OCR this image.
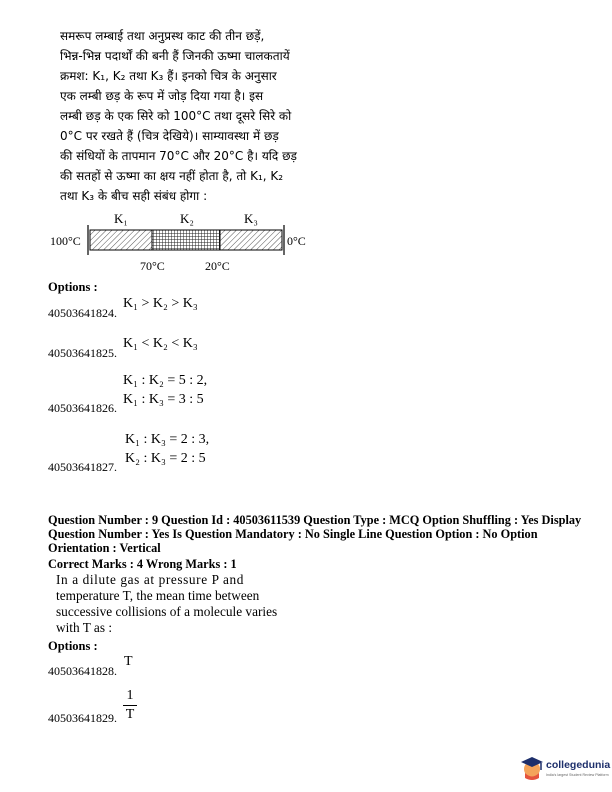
समरूप लम्बाई तथा अनुप्रस्थ काट की तीन छड़ें,
भिन्न-भिन्न पदार्थों की बनी हैं जिनकी ऊष्मा चालकतायें
क्रमश: K₁, K₂ तथा K₃ हैं। इनको चित्र के अनुसार
एक लम्बी छड़ के रूप में जोड़ दिया गया है। इस
लम्बी छड़ के एक सिरे को 100°C तथा दूसरे सिरे को
0°C पर रखते हैं (चित्र देखिये)। साम्यावस्था में छड़
की संधियों के तापमान 70°C और 20°C है। यदि छड़
की सतहों से ऊष्मा का क्षय नहीं होता है, तो K₁, K₂
तथा K₃ के बीच सही संबंध होगा :
K₁	K₂	K₃
100°C	0°C
70°C	20°C
Options :
40503641824.
K₁ > K₂ > K₃
40503641825.
K₁ < K₂ < K₃
40503641826.
K₁ : K₂ = 5 : 2,
K₁ : K₃ = 3 : 5
40503641827.
K₁ : K₃ = 2 : 3,
K₂ : K₃ = 2 : 5
Question Number : 9 Question Id : 40503611539 Question Type : MCQ Option Shuffling : Yes Display
Question Number : Yes Is Question Mandatory : No Single Line Question Option : No Option
Orientation : Vertical
Correct Marks : 4 Wrong Marks : 1
In a dilute gas at pressure P and
temperature T, the mean time between
successive collisions of a molecule varies
with T as :
Options :
40503641828.
T
40503641829.
1
T
collegedunia
India's largest Student Review Platform
